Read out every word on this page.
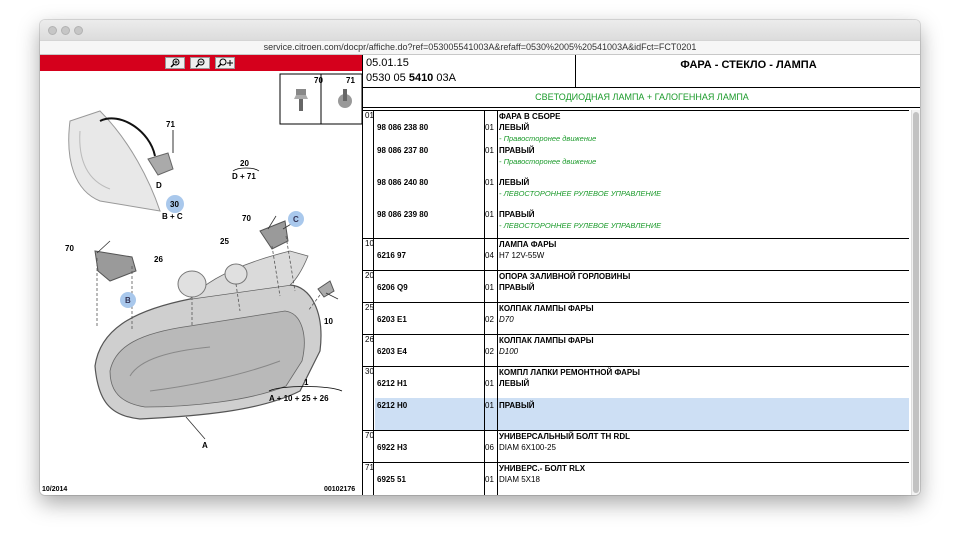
service.citroen.com/docpr/affiche.do?ref=053005541003A&refaff=0530%2005%20541003A&idFct=FCT0201
70	71
71
D
20
D + 71
30
B + C	70	C
70
25
26
B
10
1
A + 10 + 25 + 26
A
10/2014	00102176
05.01.15
0530 05 5410 03A
ФАРА - СТЕКЛО - ЛАМПА
СВЕТОДИОДНАЯ ЛАМПА + ГАЛОГЕННАЯ ЛАМПА
01
98 086 238 80	01
ФАРА В СБОРЕ
ЛЕВЫЙ
- Правосторонее движение
98 086 237 80	01 ПРАВЫЙ
- Правосторонее движение
98 086 240 80	01 ЛЕВЫЙ
- ЛЕВОСТОРОННЕЕ РУЛЕВОЕ УПРАВЛЕНИЕ
98 086 239 80	01 ПРАВЫЙ
- ЛЕВОСТОРОННЕЕ РУЛЕВОЕ УПРАВЛЕНИЕ
10
6216 97	04
ЛАМПА ФАРЫ
H7 12V-55W
20
6206 Q9	01
ОПОРА ЗАЛИВНОЙ ГОРЛОВИНЫ
ПРАВЫЙ
25
6203 E1	02
КОЛПАК ЛАМПЫ ФАРЫ
D70
26
6203 E4	02
КОЛПАК ЛАМПЫ ФАРЫ
D100
30
6212 H1	01
КОМПЛ ЛАПКИ РЕМОНТНОЙ ФАРЫ
ЛЕВЫЙ
6212 H0	01 ПРАВЫЙ
70
6922 H3	06
УНИВЕРСАЛЬНЫЙ БОЛТ TH RDL
DIAM 6X100-25
71
6925 51	01
УНИВЕРС.- БОЛТ RLX
DIAM 5X18
